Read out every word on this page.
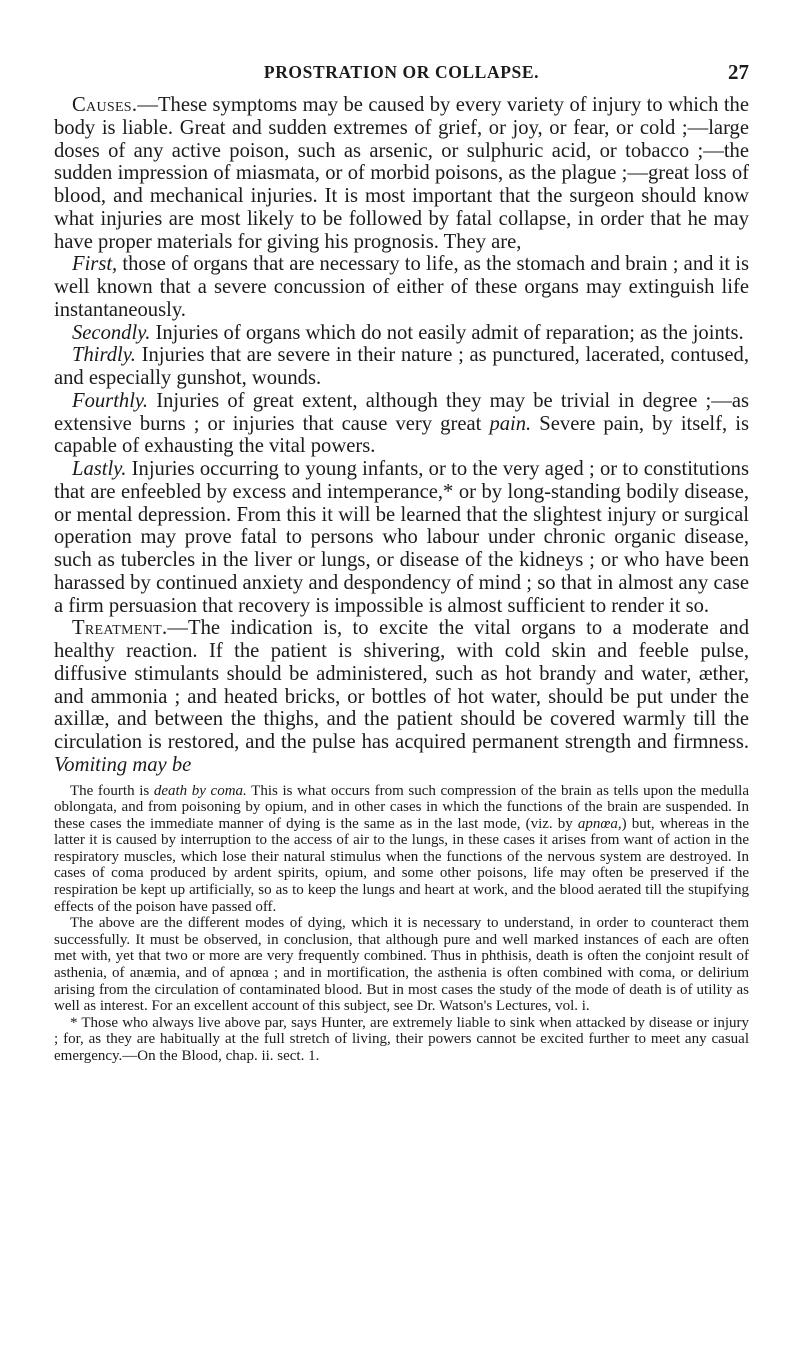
PROSTRATION OR COLLAPSE.	27

Causes.—These symptoms may be caused by every variety of injury to which the body is liable. Great and sudden extremes of grief, or joy, or fear, or cold ;—large doses of any active poison, such as arsenic, or sulphuric acid, or tobacco ;—the sudden impression of miasmata, or of morbid poisons, as the plague ;—great loss of blood, and mechanical injuries. It is most important that the surgeon should know what injuries are most likely to be followed by fatal collapse, in order that he may have proper materials for giving his prognosis. They are,

First, those of organs that are necessary to life, as the stomach and brain ; and it is well known that a severe concussion of either of these organs may extinguish life instantaneously.

Secondly. Injuries of organs which do not easily admit of reparation; as the joints.

Thirdly. Injuries that are severe in their nature ; as punctured, lacerated, contused, and especially gunshot, wounds.

Fourthly. Injuries of great extent, although they may be trivial in degree ;—as extensive burns ; or injuries that cause very great pain. Severe pain, by itself, is capable of exhausting the vital powers.

Lastly. Injuries occurring to young infants, or to the very aged ; or to constitutions that are enfeebled by excess and intemperance,* or by long-standing bodily disease, or mental depression. From this it will be learned that the slightest injury or surgical operation may prove fatal to persons who labour under chronic organic disease, such as tubercles in the liver or lungs, or disease of the kidneys ; or who have been harassed by continued anxiety and despondency of mind ; so that in almost any case a firm persuasion that recovery is impossible is almost sufficient to render it so.

Treatment.—The indication is, to excite the vital organs to a moderate and healthy reaction. If the patient is shivering, with cold skin and feeble pulse, diffusive stimulants should be administered, such as hot brandy and water, æther, and ammonia ; and heated bricks, or bottles of hot water, should be put under the axillæ, and between the thighs, and the patient should be covered warmly till the circulation is restored, and the pulse has acquired permanent strength and firmness. Vomiting may be

The fourth is death by coma. This is what occurs from such compression of the brain as tells upon the medulla oblongata, and from poisoning by opium, and in other cases in which the functions of the brain are suspended. In these cases the immediate manner of dying is the same as in the last mode, (viz. by apnœa,) but, whereas in the latter it is caused by interruption to the access of air to the lungs, in these cases it arises from want of action in the respiratory muscles, which lose their natural stimulus when the functions of the nervous system are destroyed. In cases of coma produced by ardent spirits, opium, and some other poisons, life may often be preserved if the respiration be kept up artificially, so as to keep the lungs and heart at work, and the blood aerated till the stupifying effects of the poison have passed off.

The above are the different modes of dying, which it is necessary to understand, in order to counteract them successfully. It must be observed, in conclusion, that although pure and well marked instances of each are often met with, yet that two or more are very frequently combined. Thus in phthisis, death is often the conjoint result of asthenia, of anæmia, and of apnœa ; and in mortification, the asthenia is often combined with coma, or delirium arising from the circulation of contaminated blood. But in most cases the study of the mode of death is of utility as well as interest. For an excellent account of this subject, see Dr. Watson's Lectures, vol. i.

* Those who always live above par, says Hunter, are extremely liable to sink when attacked by disease or injury ; for, as they are habitually at the full stretch of living, their powers cannot be excited further to meet any casual emergency.—On the Blood, chap. ii. sect. 1.
